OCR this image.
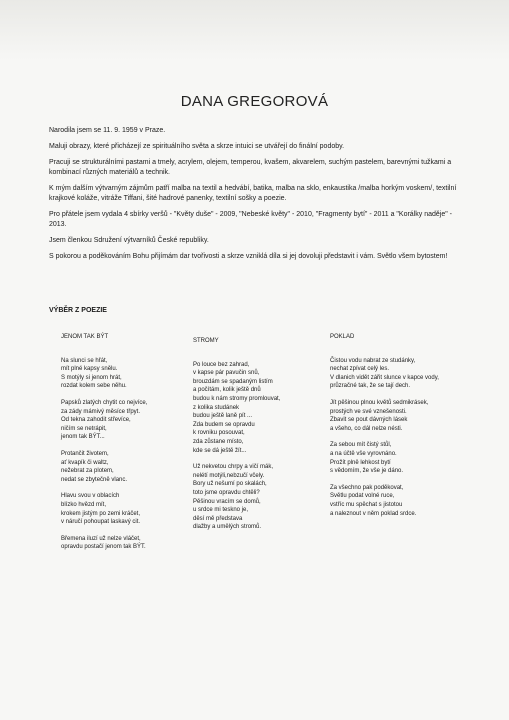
DANA GREGOROVÁ

Narodila jsem se 11. 9. 1959 v Praze.

Maluji obrazy, které přicházejí ze spirituálního světa a skrze intuici se utvářejí do finální podoby.

Pracuji se strukturálními pastami a tmely, acrylem, olejem, temperou, kvašem, akvarelem, suchým pastelem, barevnými tužkami a kombinací různých materiálů a technik.

K mým dalším výtvarným zájmům patří malba na textil a hedvábí, batika, malba na sklo, enkaustika /malba horkým voskem/, textilní krajkové koláže, vitráže Tiffani, šité hadrové panenky, textilní sošky a poezie.

Pro přátele jsem vydala 4 sbírky veršů - "Květy duše" - 2009, "Nebeské květy" - 2010, "Fragmenty bytí" - 2011 a "Korálky naděje" - 2013.

Jsem členkou Sdružení výtvarníků České republiky.

S pokorou a poděkováním Bohu přijímám dar tvořivosti a skrze vzniklá díla si jej dovoluji představit i vám. Světlo všem bytostem!

VÝBĚR Z POEZIE
JENOM TAK BÝT
Na slunci se hřát,
mít plné kapsy snělu.
S motýly si jenom hrát,
rozdat kolem sebe něhu.
Papsků zlatých chytit co nejvíce,
za zády mámivý měsíce třpyt.
Od tekna zahodit střevíce,
ničím se netrápit,
jenom tak BÝT...
Protančit životem,
ať kvapík či waltz,
nežebrat za plotem,
nedat se zbytečně vlanc.
Hlavu svou v oblacích
blízko hvězd mít,
krokem jistým po zemi kráčet,
v náručí pohoupat laskavý cit.
Břemena iluzí už nelze vláčet,
opravdu postačí jenom tak BÝT.
STROMY
Po louce bez zahrad,
v kapse pár pavučin snů,
brouzdám se spadaným listím
a počítám, kolik ještě dnů
budou k nám stromy promlouvat,
z kolika studánek
budou ještě laně pít ...
Zda budem se opravdu
k rovniku posouvat,
zda zůstane místo,
kde se dá ještě žít...
Už nekvetou chrpy a vičí mák,
nelétí motýli,nebzučí včely.
Bory už nešumí po skalách,
toto jsme opravdu chtěli?
Pěšinou vracím se domů,
u srdce mi teskno je,
děsí mě představa
dlažby a umělých stromů.
POKLAD
Čistou vodu nabrat ze studánky,
nechat zpívat celý les.
V dlanich vidět zářit slunce v kapce vody,
průzračné tak, že se tají dech.
Jít pěšinou plnou květů sedmikrásek,
prostých ve své vznešenosti.
Zbavit se pout dávných lásek
a všeho, co dál nelze nésti.
Za sebou mít čistý stůl,
a na účtě vše vyrovnáno.
Prožít plně lehkost bytí
s vědomím, že vše je dáno.
Za všechno pak poděkovat,
Světlu podat volné ruce,
vstříc mu spěchat s jistotou
a naleznout v něm poklad srdce.
